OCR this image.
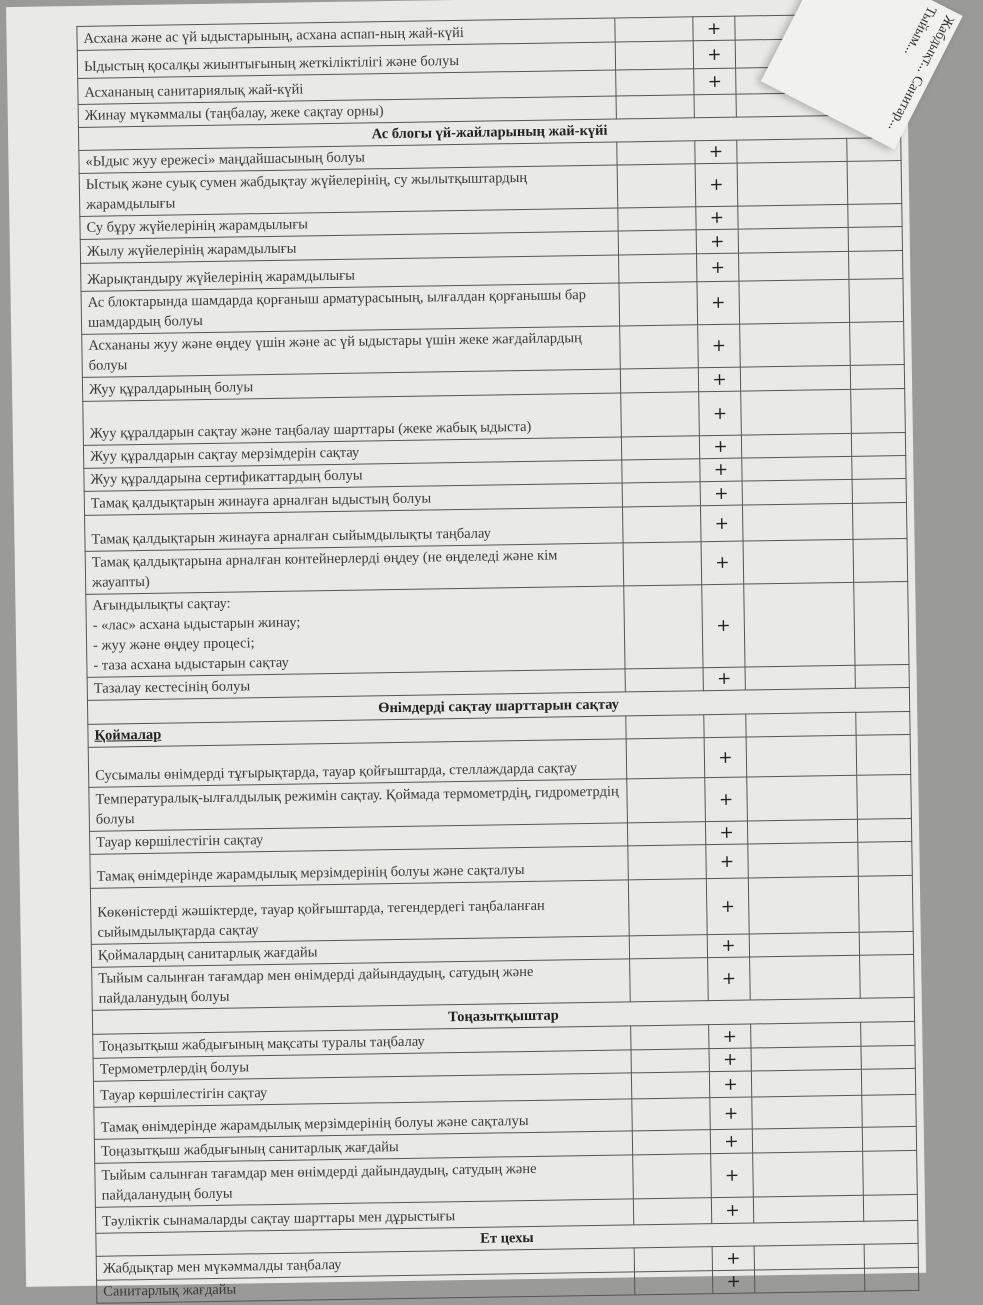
Асхана және ас үй ыдыстарының, асхана аспап-ның жай-күйі		+		
Ыдыстың қосалқы жиынтығының жеткіліктілігі және болуы		+		
Асхананың санитариялық жай-күйі		+		
Жинау мүкәммалы (таңбалау, жеке сақтау орны)				
Ас блогы үй-жайларының жай-күйі				
«Ыдыс жуу ережесі» маңдайшасының болуы		+		
Ыстық және суық сумен жабдықтау жүйелерінің, су жылытқыштардың жарамдылығы		+		
Су бұру жүйелерінің жарамдылығы		+		
Жылу жүйелерінің жарамдылығы		+		
Жарықтандыру жүйелерінің жарамдылығы		+		
Ас блоктарында шамдарда қорғаныш арматурасының, ылғалдан қорғанышы бар шамдардың болуы		+		
Асхананы жуу және өңдеу үшін және ас үй ыдыстары үшін жеке жағдайлардың болуы		+		
Жуу құралдарының болуы		+		
Жуу құралдарын сақтау және таңбалау шарттары (жеке жабық ыдыста)		+		
Жуу құралдарын сақтау мерзімдерін сақтау		+		
Жуу құралдарына сертификаттардың болуы		+		
Тамақ қалдықтарын жинауға арналған ыдыстың болуы		+		
Тамақ қалдықтарын жинауға арналған сыйымдылықты таңбалау		+		
Тамақ қалдықтарына арналған контейнерлерді өңдеу (не өңделеді және кім жауапты)		+		
Ағындылықты сақтау:
- «лас» асхана ыдыстарын жинау;
- жуу және өңдеу процесі;
- таза асхана ыдыстарын сақтау		+		
Тазалау кестесінің болуы		+		
Өнімдерді сақтау шарттарын сақтау				
Қоймалар				
Сусымалы өнімдерді тұғырықтарда, тауар қойғыштарда, стеллаждарда сақтау		+		
Температуралық-ылғалдылық режимін сақтау. Қоймада термометрдің, гидрометрдің болуы		+		
Тауар көршілестігін сақтау		+		
Тамақ өнімдерінде жарамдылық мерзімдерінің болуы және сақталуы		+		
Көкөністерді жәшіктерде, тауар қойғыштарда, тегендердегі таңбаланған сыйымдылықтарда сақтау		+		
Қоймалардың санитарлық жағдайы		+		
Тыйым салынған тағамдар мен өнімдерді дайындаудың, сатудың және пайдаланудың болуы		+		
Тоңазытқыштар				
Тоңазытқыш жабдығының мақсаты туралы таңбалау		+		
Термометрлердің болуы		+		
Тауар көршілестігін сақтау		+		
Тамақ өнімдерінде жарамдылық мерзімдерінің болуы және сақталуы		+		
Тоңазытқыш жабдығының санитарлық жағдайы		+		
Тыйым салынған тағамдар мен өнімдерді дайындаудың, сатудың және пайдаланудың болуы		+		
Тәуліктік сынамаларды сақтау шарттары мен дұрыстығы		+		
Ет цехы				
Жабдықтар мен мүкәммалды таңбалау		+		
Санитарлық жағдайы		+		
Жабдықт... Санитар... Тыйым...
